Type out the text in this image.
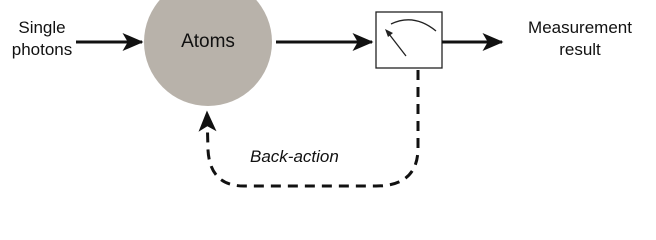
Single
photons	Atoms
Measurement
result
Back-action
